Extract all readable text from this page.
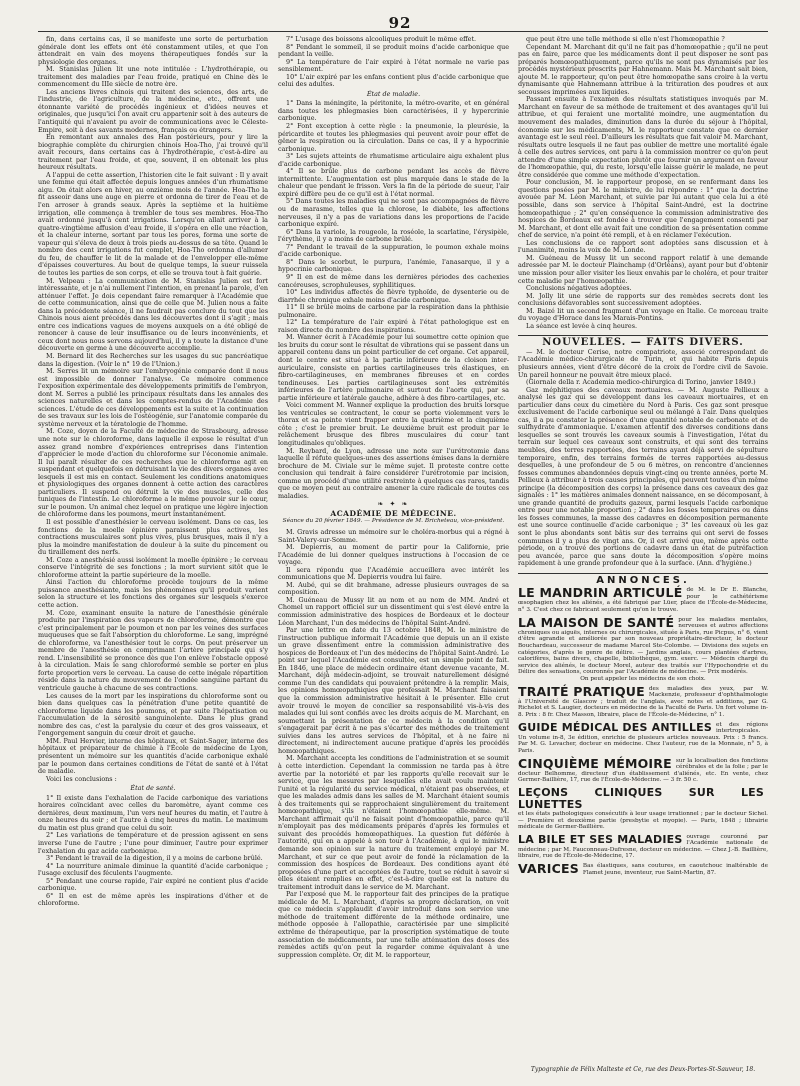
92

fin, dans certains cas, il se manifeste une sorte de perturbation générale dont les effets ont été constamment utiles, et que l'on attendrait en vain des moyens thérapeutiques fondés sur la physiologie des organes.

M. Stanislas Julien lit une note intitulée : L'hydrothérapie, ou traitement des maladies par l'eau froide, pratiqué en Chine dès le commencement du IIIe siècle de notre ère.

Les anciens livres chinois qui traitent des sciences, des arts, de l'industrie, de l'agriculture, de la médecine, etc., offrent une étonnante variété de procédés ingénieux et d'idées neuves et originales, que jusqu'ici l'on avait cru appartenir soit à des auteurs de l'antiquité qui n'avaient pu avoir de communications avec le Céleste-Empire, soit à des savants modernes, français ou étrangers.

En remontant aux annales des Han postérieurs, pour y lire la biographie complète du chirurgien chinois Hoa-Tho, j'ai trouvé qu'il avait recours, dans certains cas à l'hydrothérapie, c'est-à-dire au traitement par l'eau froide, et que, souvent, il en obtenait les plus heureux résultats.

A l'appui de cette assertion, l'historien cite le fait suivant : Il y avait une femme qui était affectée depuis longues années d'un rhumatisme aigu. On était alors en hiver, au onzième mois de l'année. Hoa-Tho la fit asseoir dans une auge en pierre et ordonna de tirer de l'eau et de l'en arroser à grands seaux. Après la septième et la huitième irrigation, elle commença à trembler de tous ses membres. Hoa-Tho avait ordonné jusqu'à cent irrigations. Lorsqu'on allait arriver à la quatre-vingtième affusion d'eau froide, il s'opéra en elle une réaction, et la chaleur interne, sortant par tous les pores, forma une sorte de vapeur qui s'éleva de deux à trois pieds au-dessus de sa tête. Quand le nombre des cent irrigations fut complet, Hoa-Tho ordonna d'allumer du feu, de chauffer le lit de la malade et de l'envelopper elle-même d'épaisses couvertures. Au bout de quelque temps, la sueur ruissela de toutes les parties de son corps, et elle se trouva tout à fait guérie.

M. Velpeau : La communication de M. Stanislas Julien est fort intéressante, et je n'ai nullement l'intention, en prenant la parole, d'en atténuer l'effet. Je dois cependant faire remarquer à l'Académie que de cette communication, ainsi que de celle que M. Julien nous a faite dans la précédente séance, il ne faudrait pas conclure du tout que les Chinois nous aient précédés dans les découvertes dont il s'agit ; mais entre ces indications vagues de moyens auxquels on a été obligé de renoncer à cause de leur insuffisance ou de leurs inconvénients, et ceux dont nous nous servons aujourd'hui, il y a toute la distance d'une découverte en germe à une découverte accomplie.

M. Bernard lit des Recherches sur les usages du suc pancréatique dans la digestion. (Voir le n° 19 de l'Union.)

M. Serres lit un mémoire sur l'embryogénie comparée dont il nous est impossible de donner l'analyse. Ce mémoire commence l'exposition expérimentale des développements primitifs de l'embryon, dont M. Serres a publié les principaux résultats dans les annales des sciences naturelles et dans les comptes-rendus de l'Académie des sciences. L'étude de ces développements est la suite et la continuation de ses travaux sur les lois de l'ostéogénie, sur l'anatomie comparée du système nerveux et la tératologie de l'homme.

M. Coze, doyen de la Faculté de médecine de Strasbourg, adresse une note sur le chloroforme, dans laquelle il expose le résultat d'un assez grand nombre d'expériences entreprises dans l'intention d'apprécier le mode d'action du chloroforme sur l'économie animale. Il lui paraît résulter de ces recherches que le chloroforme agit en suspendant et quelquefois en détruisant la vie des divers organes avec lesquels il est mis en contact. Seulement les conditions anatomiques et physiologiques des organes donnent à cette action des caractères particuliers. Il suspend ou détruit la vie des muscles, celle des tuniques de l'intestin. Le chloroforme a le même pouvoir sur le cœur, sur le poumon. Un animal chez lequel on pratique une légère injection de chloroforme dans les poumons, meurt instantanément.

Il est possible d'anesthésier le cerveau isolément. Dans ce cas, les fonctions de la moelle épinière paraissent plus actives, les contractions musculaires sont plus vives, plus brusques, mais il n'y a plus la moindre manifestation de douleur à la suite du pincement ou du tiraillement des nerfs.

M. Coze a anesthésié aussi isolément la moelle épinière ; le cerveau conserve l'intégrité de ses fonctions ; la mort survient sitôt que le chloroforme atteint la partie supérieure de la moelle.

Ainsi l'action du chloroforme procède toujours de la même puissance anesthésiante, mais les phénomènes qu'il produit varient selon la structure et les fonctions des organes sur lesquels s'exerce cette action.

M. Coze, examinant ensuite la nature de l'anesthésie générale produite par l'inspiration des vapeurs de chloroforme, démontre que c'est principalement par le poumon et non par les veines des surfaces muqueuses que se fait l'absorption du chloroforme. Le sang, imprégné de chloroforme, va l'anesthésier tout le corps. On peut préserver un membre de l'anesthésie en comprimant l'artère principale qui s'y rend. L'insensibilité se prononce dès que l'on enlève l'obstacle opposé à la circulation. Mais le sang chloroformé semble se porter en plus forte proportion vers le cerveau. La cause de cette inégale répartition réside dans la nature du mouvement de l'ondée sanguine partant du ventricule gauche à chacune de ses contractions.

Les causes de la mort par les inspirations du chloroforme sont ou bien dans quelques cas la pénétration d'une petite quantité de chloroforme liquide dans les poumons, et par suite l'hépatisation ou l'accumulation de la sérosité sanguinolente. Dans le plus grand nombre des cas, c'est la paralysie du cœur et des gros vaisseaux, et l'engorgement sanguin du cœur droit et gauche.

MM. Paul Hervier, interne des hôpitaux, et Saint-Sager, interne des hôpitaux et préparateur de chimie à l'École de médecine de Lyon, présentent un mémoire sur les quantités d'acide carbonique exhalé par le poumon dans certaines conditions de l'état de santé et à l'état de maladie.

Voici les conclusions :

État de santé.

1° Il existe dans l'exhalation de l'acide carbonique des variations horaires coïncidant avec celles du baromètre, ayant comme ces dernières, deux maximum, l'un vers neuf heures du matin, et l'autre à onze heures du soir ; et l'autre à cinq heures du matin. Le maximum du matin est plus grand que celui du soir.

2° Les variations de température et de pression agissent en sens inverse l'une de l'autre ; l'une pour diminuer, l'autre pour exprimer l'exhalation du gaz acide carbonique.

3° Pendant le travail de la digestion, il y a moins de carbone brûlé.

4° La nourriture animale diminue la quantité d'acide carbonique ; l'usage exclusif des féculents l'augmente.

5° Pendant une course rapide, l'air expiré ne contient plus d'acide carbonique.

6° Il en est de même après les inspirations d'éther et de chloroforme.

7° L'usage des boissons alcooliques produit le même effet.

8° Pendant le sommeil, il se produit moins d'acide carbonique que pendant la veille.

9° La température de l'air expiré à l'état normale ne varie pas sensiblement.

10° L'air expiré par les enfans contient plus d'acide carbonique que celui des adultes.

État de maladie.

1° Dans la méningite, la péritonite, la métro-ovarite, et en général dans toutes les phlegmasies bien caractérisées, il y hypercrinie carbonique.

2° Font exception à cette règle : la pneumonie, la pleurésie, la péricardite et toutes les phlegmasies qui peuvent avoir pour effet de gêner la respiration ou la circulation. Dans ce cas, il y a hypocrinie carbonique.

3° Les sujets atteints de rhumatisme articulaire aigu exhalent plus d'acide carbonique.

4° Il se brûle plus de carbone pendant les accès de fièvre intermittente. L'augmentation est plus marquée dans le stade de la chaleur que pendant le frisson. Vers la fin de la période de sueur, l'air expiré diffère peu de ce qu'il est à l'état normal.

5° Dans toutes les maladies qui ne sont pas accompagnées de fièvre ou de marasme, telles que la chlorose, le diabète, les affections nerveuses, il n'y a pas de variations dans les proportions de l'acide carbonique expiré.

6° Dans la variole, la rougeole, la roséole, la scarlatine, l'érysipèle, l'érythème, il y a moins de carbone brûlé.

7° Pendant le travail de la suppuration, le poumon exhale moins d'acide carbonique.

8° Dans le scorbut, le purpura, l'anémie, l'anasarque, il y a hypocrinie carbonique.

9° Il en est de même dans les dernières périodes des cachexies cancéreuses, scrophuleuses, syphilitiques.

10° Les individus affectés de fièvre typhoïde, de dysenterie ou de diarrhée chronique exhale moins d'acide carbonique.

11° Il se brûle moins de carbone par la respiration dans la phthisie pulmonaire.

12° La température de l'air expiré à l'état pathologique est en raison directe du nombre des inspirations.

M. Wanner écrit à l'Académie pour lui soumettre cette opinion que les bruits du cœur sont le résultat de vibrations qui se passent dans un appareil contenu dans un point particulier de cet organe. Cet appareil, dont le centre est situé à la partie inférieure de la cloison inter-auriculaire, consiste en parties cartilagineuses très élastiques, en fibro-cartilagineuses, en membranes fibreuses et en cordes tendineuses. Les parties cartilagineuses sont les extrémités inférieures de l'artère pulmonaire et surtout de l'aorte qui, par sa partie inférieure et latérale gauche, adhère à des fibro-cartilages, etc.

Voici comment M. Wanner explique la production des bruits lorsque les ventricules se contractent, le cœur se porte violemment vers le thorax et sa pointe vient frapper entre la quatrième et la cinquième côte ; c'est le premier bruit. Le deuxième bruit est produit par le relâchement brusque des fibres musculaires du cœur tant longitudinales qu'obliques.

M. Reybard, de Lyon, adresse une note sur l'urétrotomie dans laquelle il réfute quelques-unes des assertions émises dans la dernière brochure de M. Civiale sur le même sujet. Il proteste contre cette conclusion qui tendrait à faire considérer l'urétrotomie par incision, comme un procédé d'une utilité restreinte à quelques cas rares, tandis que ce moyen peut au contraire amener la cure radicale de toutes ces maladies.

❧ ✦ ❧
ACADÉMIE DE MÉDECINE.
Séance du 20 février 1849. — Présidence de M. Bricheteau, vice-président.

M. Gravis adresse un mémoire sur le choléra-morbus qui a régné à Saint-Valery-sur-Somme.

M. Depierris, au moment de partir pour la Californie, prie l'Académie de lui donner quelques instructions à l'occasion de ce voyage.

Il sera répondu que l'Académie accueillera avec intérêt les communications que M. Depierris voudra lui faire.

M. Aubé, qui se dit brahmane, adresse plusieurs ouvrages de sa composition.

M. Guéneau de Mussy lit au nom et au nom de MM. André et Chomel un rapport officiel sur un dissentiment qui s'est élevé entre la commission administrative des hospices de Bordeaux et le docteur Léon Marchant, l'un des médecins de l'hôpital Saint-André.

Par une lettre en date du 13 octobre 1848, M. le ministre de l'instruction publique informait l'Académie que depuis un an il existe un grave dissentiment entre la commission administrative des hospices de Bordeaux et l'un des médecins de l'hôpital Saint-André. Le point sur lequel l'Académie est consultée, est un simple point de fait. En 1846, une place de médecin ordinaire étant devenue vacante, M. Marchant, déjà médecin-adjoint, se trouvait naturellement désigné comme l'un des candidats qui pouvaient prétendre à la remplir. Mais, les opinions homœopathiques que professait M. Marchant faisaient que la commission administrative hésitait à le présenter. Elle crut avoir trouvé le moyen de concilier sa responsabilité vis-à-vis des malades qui lui sont confiés avec les droits acquis de M. Marchant, en soumettant la présentation de ce médecin à la condition qu'il s'engagerait par écrit à ne pas s'écarter des méthodes de traitement suivies dans les autres services de l'hôpital, et à ne faire ni directement, ni indirectement aucune pratique d'après les procédés homœopathiques.

M. Marchant accepta les conditions de l'administration et se soumit à cette interdiction. Cependant la commission ne tarda pas à être avertie par la notoriété et par les rapports qu'elle recevait sur le service, que les mesures par lesquelles elle avait voulu maintenir l'unité et la régularité du service médical, n'étaient pas observées, et que les malades admis dans les salles de M. Marchant étaient soumis à des traitements qui se rapprochaient singulièrement du traitement homœopathique, s'ils n'étaient l'homœopathie elle-même. M. Marchant affirmait qu'il ne faisait point d'homœopathie, parce qu'il n'employait pas des médicaments préparés d'après les formules et suivant des procédés homœopathiques. La question fut déférée à l'autorité, qui en a appelé à son tour à l'Académie, à qui le ministre demande son opinion sur la nature du traitement employé par M. Marchant, et sur ce que peut avoir de fondé la réclamation de la commission des hospices de Bordeaux. Des conditions ayant été proposées d'une part et acceptées de l'autre, tout se réduit à savoir si elles étaient remplies en effet, c'est-à-dire quelle est la nature du traitement introduit dans le service de M. Marchant.

Par l'exposé que M. le rapporteur fait des principes de la pratique médicale de M. L. Marchant, d'après sa propre déclaration, on voit que ce médecin s'applaudit d'avoir introduit dans son service une méthode de traitement différente de la méthode ordinaire, une méthode opposée à l'allopathie, caractérisée par une simplicité extrême de thérapeutique, par la proscription systématique de toute association de médicaments, par une telle atténuation des doses des remèdes actifs qu'on peut la regarder comme équivalant à une suppression complète. Or, dit M. le rapporteur,

que peut être une telle méthode si elle n'est l'homœopathie ?

Cependant M. Marchant dit qu'il ne fait pas d'homœopathie ; qu'il ne peut pas en faire, parce que les médicaments dont il peut disposer ne sont pas préparés homœopathiquement, parce qu'ils ne sont pas dynamisés par les procédés mystérieux prescrits par Hahnemann. Mais M. Marchant sait bien, ajoute M. le rapporteur, qu'on peut être homœopathe sans croire à la vertu dynamisante que Hahnemann attribue à la trituration des poudres et aux secousses imprimées aux liquides.

Passant ensuite à l'examen des résultats statistiques invoqués par M. Marchant en faveur de sa méthode de traitement et des avantages qu'il lui attribue, et qui feraient une mortalité moindre, une augmentation du mouvement des malades, diminution dans la durée du séjour à l'hôpital, économie sur les médicaments, M. le rapporteur constate que ce dernier avantage est le seul réel. D'ailleurs les résultats que fait valoir M. Marchant, résultats outre lesquels il ne faut pas oublier de mettre une mortalité égale à celle des autres services, ont paru à la commission montrer ce qu'on peut attendre d'une simple expectation plutôt que fournir un argument en faveur de l'homœopathie, qui, du reste, lorsqu'elle laisse guérir le malade, ne peut être considérée que comme une méthode d'expectation.

Pour conclusion, M. le rapporteur propose, en se renfermant dans les questions posées par M. le ministre, de lui répondre : 1° que la doctrine avouée par M. Léon Marchant, et suivie par lui autant que cela lui a été possible, dans son service à l'hôpital Saint-André, est la doctrine homœopathique ; 2° qu'en conséquence la commission administrative des hospices de Bordeaux est fondée à trouver que l'engagement consenti par M. Marchant, et dont elle avait fait une condition de sa présentation comme chef de service, n'a point été rempli, et à en réclamer l'exécution.

Les conclusions de ce rapport sont adoptées sans discussion et à l'unanimité, moins la voix de M. Londe.

M. Guéneau de Mussy lit un second rapport relatif à une demande adressée par M. le docteur Plainchamp (d'Orléans), ayant pour but d'obtenir une mission pour aller visiter les lieux envahis par le choléra, et pour traiter cette maladie par l'homœopathie.

Conclusions négatives adoptées.

M. Jolly lit une série de rapports sur des remèdes secrets dont les conclusions défavorables sont successivement adoptées.

M. Baizé lit un second fragment d'un voyage en Italie. Ce morceau traite du voyage d'Horace dans les Marais-Pontins.

La séance est levée à cinq heures.

NOUVELLES. — FAITS DIVERS.

— M. le docteur Cerise, notre compatriote, associé correspondant de l'Académie médico-chirurgicale de Turin, et qui habite Paris depuis plusieurs années, vient d'être décoré de la croix de l'ordre civil de Savoie. Un pareil honneur ne pouvait être mieux placé.

(Giornale della r. Academia medico-chirurgica di Torino, janvier 1849.)

Gaz méphitiques des caveaux mortuaires. — M. Auguste Pellieux a analysé les gaz qui se développent dans les caveaux mortuaires, et en particulier dans ceux du cimetière du Nord à Paris. Ces gaz sont presque exclusivement de l'acide carbonique seul ou mélangé à l'air. Dans quelques cas, il a pu constater la présence d'une quantité notable de carbonate et de sulfhydrate d'ammoniaque. L'examen attentif des diverses conditions dans lesquelles se sont trouvés les caveaux soumis à l'investigation, l'état du terrain sur lequel ces caveaux sont construits, et qui sont des terrains meubles, des terres rapportées, des terrains ayant déjà servi de sépulture temporaire, enfin, des terrains formés de terres rapportées au-dessus desquelles, à une profondeur de 5 ou 6 mètres, on rencontre d'anciennes fosses communes abandonnées depuis vingt-cinq ou trente années, porte M. Pellieux à attribuer à trois causes principales, qui peuvent toutes d'un même principe (la décomposition des corps) la présence dans ces caveaux des gaz signalés : 1° les matières animales donnent naissance, en se décomposant, à une grande quantité de produits gazeux, parmi lesquels l'acide carbonique entre pour une notable proportion ; 2° dans les fosses temporaires ou dans les fosses communes, la masse des cadavres en décomposition permanente est une source continuelle d'acide carbonique ; 3° les caveaux où les gaz sont le plus abondants sont bâtis sur des terrains qui ont servi de fosses communes il y a plus de vingt ans. Or, il est arrivé que, même après cette période, on a trouvé des portions de cadavre dans un état de putréfaction peu avancée, parce que sans doute la décomposition s'opère moins rapidement à une grande profondeur que à la surface. (Ann. d'hygiène.)

ANNONCES.
LE MANDRIN ARTICULÉ de M. le Dr E. Blanche, pour le cathétérisme œsophagien chez les aliénés, a été fabriqué par Lüer, place de l'École-de-Médecine, n° 3. C'est chez ce fabricant seulement qu'on le trouve.
LA MAISON DE SANTÉ pour les maladies mentales, nerveuses et autres affections chroniques ou aiguës, internes ou chirurgicales, située à Paris, rue Picpus, n° 6, vient d'être agrandie et améliorée par son nouveau propriétaire-directeur, le docteur Bouchardeau, successeur de madame Marcel Ste-Colombe. — Divisions des sujets en catégories, d'après le genre de délire. — Jardins anglais, cours plantées d'arbres, calorifères, bains divers, chapelle, bibliothèque, gym. exerc. — Médecin chargé du service des aliénés, le docteur Morel, auteur des traités sur l'Hypochondrie et du Délire des sensations, couronnés par l'Académie de médecine. — Prix modérés.
On peut appeler les médecins de son choix.
TRAITÉ PRATIQUE des maladies des yeux, par W. Mackenzie, professeur d'ophthalmologie à l'Université de Glascow ; traduit de l'anglais, avec notes et additions, par G. Richelot et S. Laugier, docteurs en médecine de la Faculté de Paris. Un fort volume in-8. Prix : 8 fr. Chez Masson, libraire, place de l'École-de-Médecine, n° 1.
GUIDE MÉDICAL DES ANTILLES et des régions intertropicales. Un volume in-8, 3e édition, enrichie de plusieurs articles nouveaux. Prix : 5 francs. Par M. G. Levacher, docteur en médecine. Chez l'auteur, rue de la Monnaie, n° 5, à Paris.
CINQUIÈME MÉMOIRE sur la localisation des fonctions cérébrales et de la folie ; par le docteur Belhomme, directeur d'un établissement d'aliénés, etc. En vente, chez Germer-Baillière, 17, rue de l'École-de-Médecine. — 3 fr. 50 c.
LEÇONS CLINIQUES SUR LES LUNETTES
et les états pathologiques consécutifs à leur usage irrationnel ; par le docteur Sichel. — Première et deuxième partie (presbytie et myopie). — Paris, 1848 ; librairie médicale de Germer-Baillière.
LA BILE ET SES MALADIES ouvrage couronné par l'Académie nationale de médecine ; par M. Fauconneau-Dufresne, docteur en médecine. — Chez J.-B. Baillière, libraire, rue de l'École-de-Médecine, 17.
VARICES Bas élastiques, sans coutures, en caoutchouc inaltérable de Flamet jeune, inventeur, rue Saint-Martin, 87.
Typographie de Félix Malteste et Ce, rue des Deux-Portes-St-Sauveur, 18.
